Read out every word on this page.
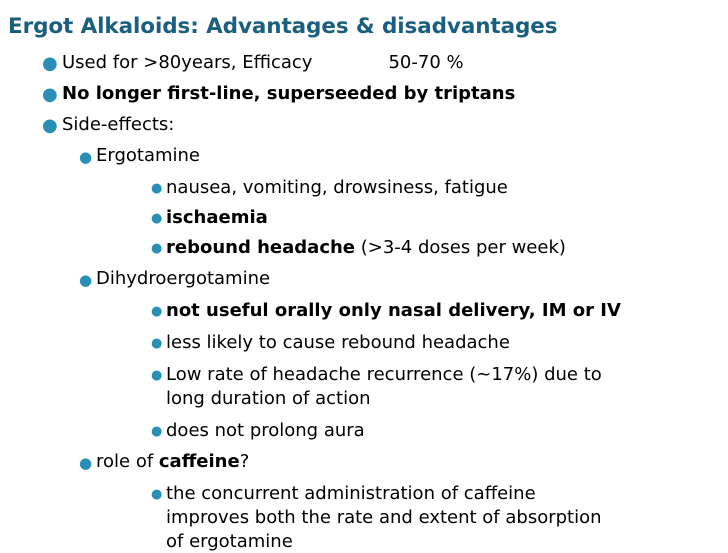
Ergot Alkaloids: Advantages & disadvantages
● Used for >80years, Efficacy	50-70 %
● No longer first-line, superseeded by triptans
● Side-effects:
● Ergotamine
● nausea, vomiting, drowsiness, fatigue
● ischaemia
● rebound headache (>3-4 doses per week)
● Dihydroergotamine
● not useful orally only nasal delivery, IM or IV
● less likely to cause rebound headache
● Low rate of headache recurrence (~17%) due to
long duration of action
● does not prolong aura
● role of caffeine?
● the concurrent administration of caffeine
improves both the rate and extent of absorption
of ergotamine
